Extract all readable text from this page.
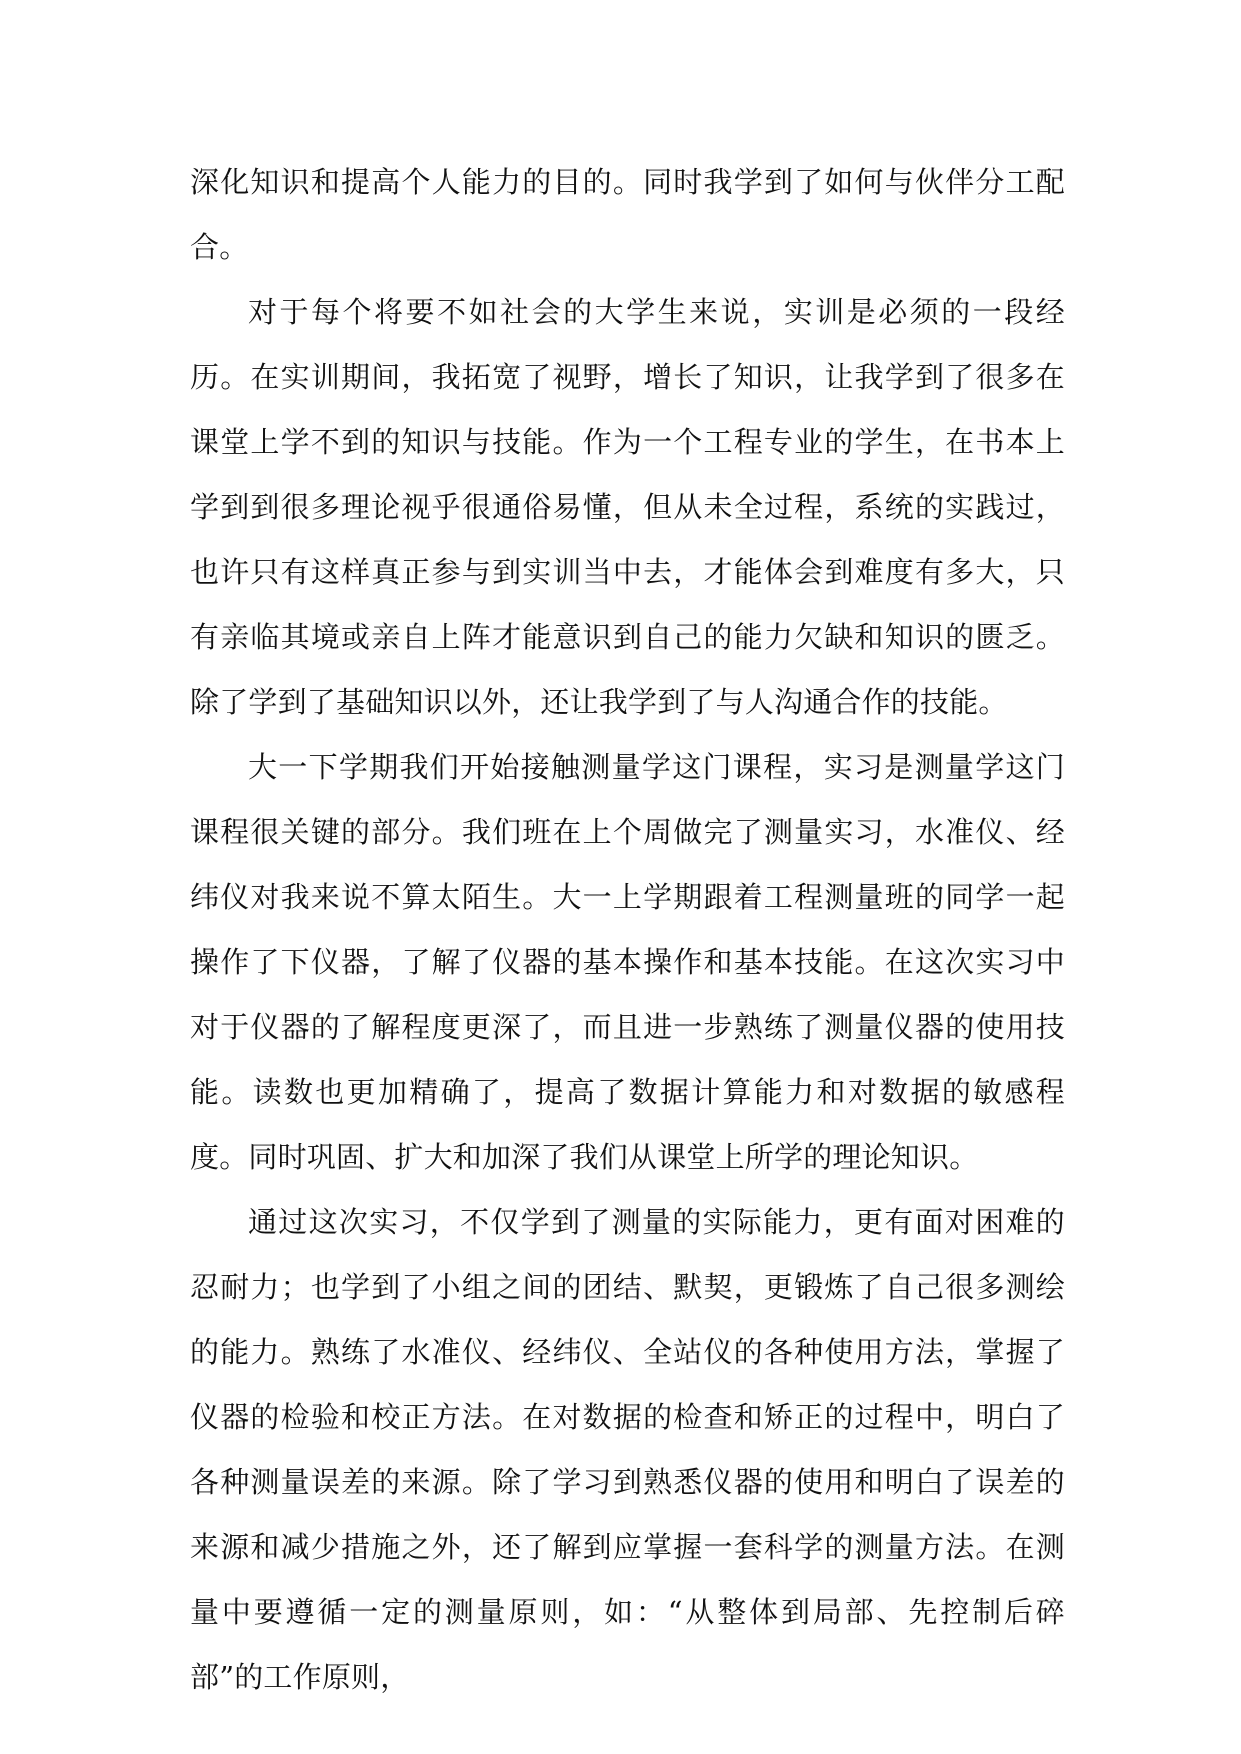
深化知识和提高个人能力的目的。同时我学到了如何与伙伴分工配合。

对于每个将要不如社会的大学生来说，实训是必须的一段经历。在实训期间，我拓宽了视野，增长了知识，让我学到了很多在课堂上学不到的知识与技能。作为一个工程专业的学生，在书本上学到到很多理论视乎很通俗易懂，但从未全过程，系统的实践过，也许只有这样真正参与到实训当中去，才能体会到难度有多大，只有亲临其境或亲自上阵才能意识到自己的能力欠缺和知识的匮乏。除了学到了基础知识以外，还让我学到了与人沟通合作的技能。

大一下学期我们开始接触测量学这门课程，实习是测量学这门课程很关键的部分。我们班在上个周做完了测量实习，水准仪、经纬仪对我来说不算太陌生。大一上学期跟着工程测量班的同学一起操作了下仪器，了解了仪器的基本操作和基本技能。在这次实习中对于仪器的了解程度更深了，而且进一步熟练了测量仪器的使用技能。读数也更加精确了，提高了数据计算能力和对数据的敏感程度。同时巩固、扩大和加深了我们从课堂上所学的理论知识。

通过这次实习，不仅学到了测量的实际能力，更有面对困难的忍耐力；也学到了小组之间的团结、默契，更锻炼了自己很多测绘的能力。熟练了水准仪、经纬仪、全站仪的各种使用方法，掌握了仪器的检验和校正方法。在对数据的检查和矫正的过程中，明白了各种测量误差的来源。除了学习到熟悉仪器的使用和明白了误差的来源和减少措施之外，还了解到应掌握一套科学的测量方法。在测量中要遵循一定的测量原则，如：“从整体到局部、先控制后碎部”的工作原则，
